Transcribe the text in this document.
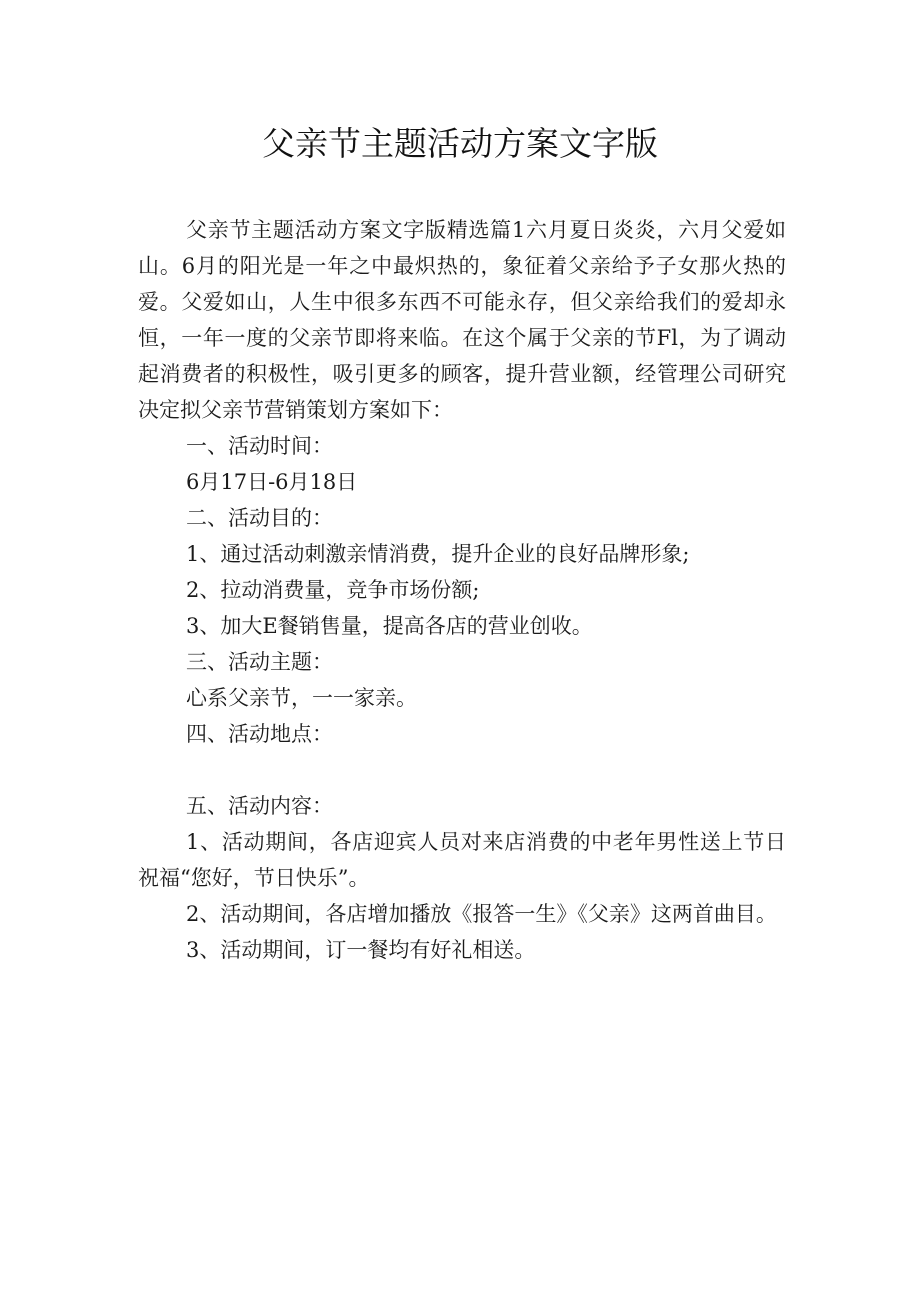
父亲节主题活动方案文字版

父亲节主题活动方案文字版精选篇1六月夏日炎炎，六月父爱如山。6月的阳光是一年之中最炽热的，象征着父亲给予子女那火热的爱。父爱如山，人生中很多东西不可能永存，但父亲给我们的爱却永恒，一年一度的父亲节即将来临。在这个属于父亲的节Fl，为了调动起消费者的积极性，吸引更多的顾客，提升营业额，经管理公司研究决定拟父亲节营销策划方案如下：

一、活动时间：

6月17日-6月18日

二、活动目的：

1、通过活动刺激亲情消费，提升企业的良好品牌形象;

2、拉动消费量，竞争市场份额;

3、加大E餐销售量，提高各店的营业创收。

三、活动主题：

心系父亲节，一一家亲。

四、活动地点：

五、活动内容：

1、活动期间，各店迎宾人员对来店消费的中老年男性送上节日祝福“您好，节日快乐”。

2、活动期间，各店增加播放《报答一生》《父亲》这两首曲目。

3、活动期间，订一餐均有好礼相送。
